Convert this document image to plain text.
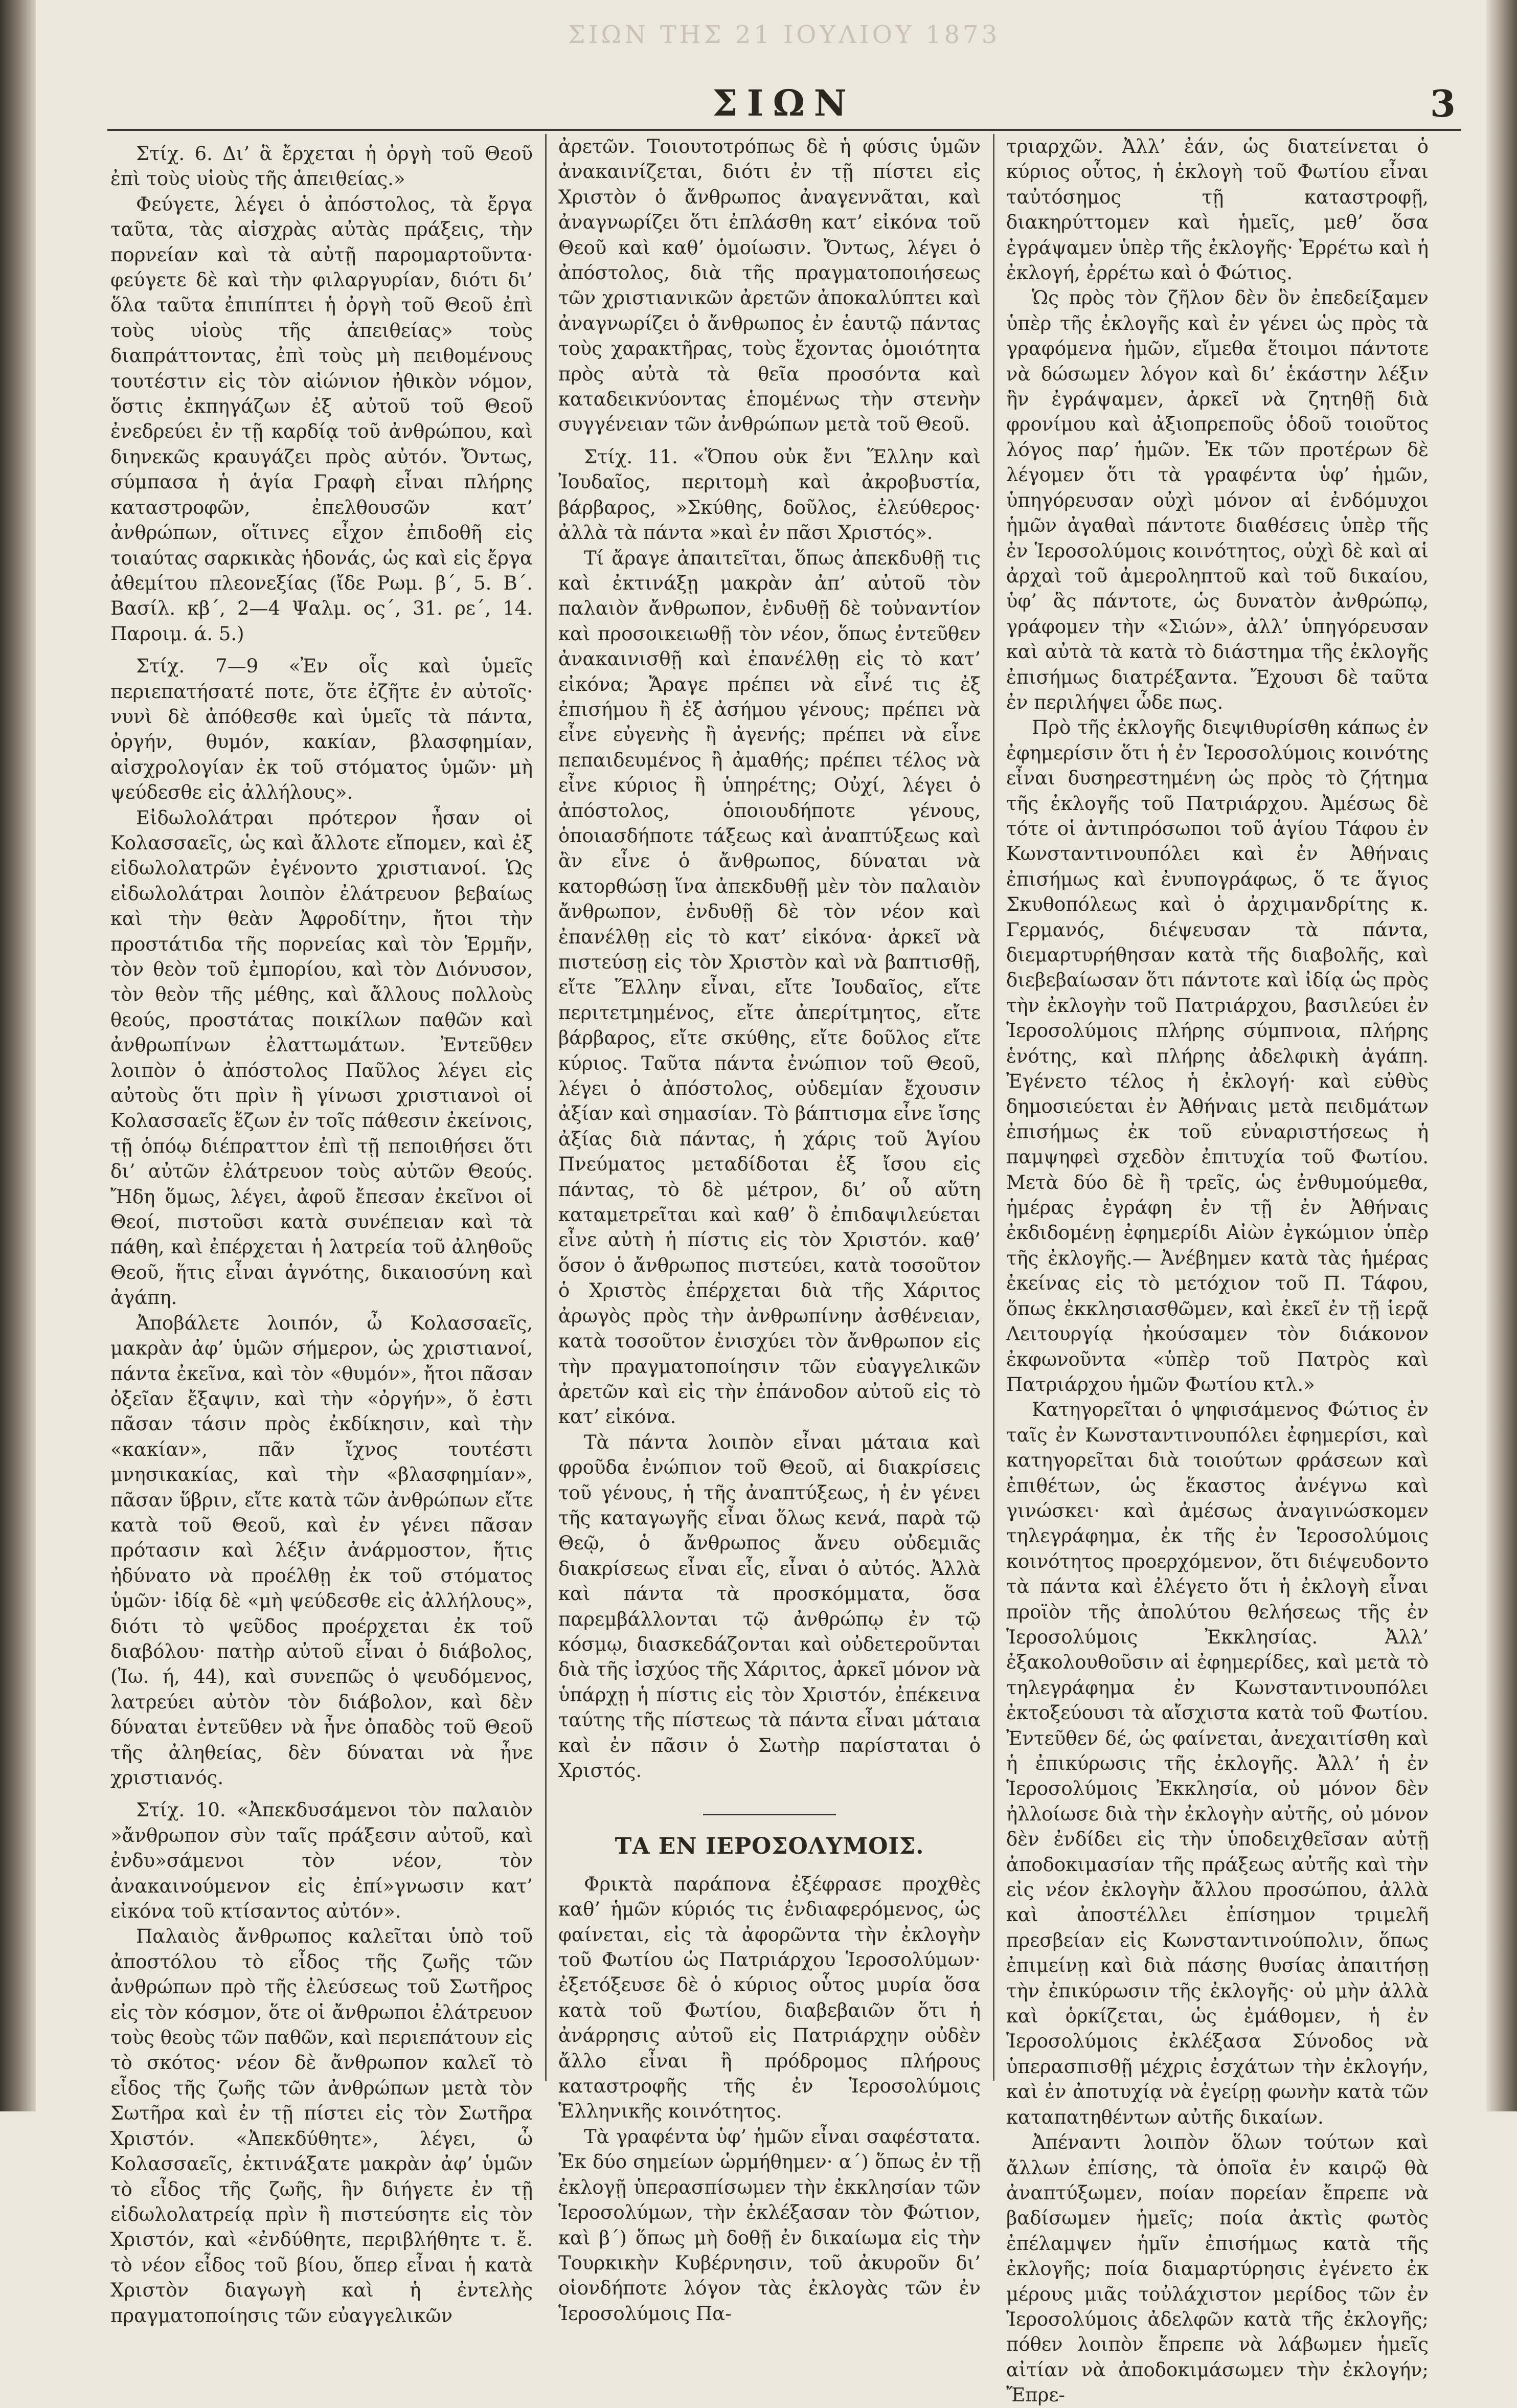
ΣΙΩΝ ΤΗΣ 21 ΙΟΥΛΙΟΥ 1873
ΣΙΩΝ	3

Στίχ. 6. Δι’ ἃ ἔρχεται ἡ ὀργὴ τοῦ Θεοῦ ἐπὶ τοὺς υἱοὺς τῆς ἀπειθείας.»

Φεύγετε, λέγει ὁ ἀπόστολος, τὰ ἔργα ταῦτα, τὰς αἰσχρὰς αὐτὰς πράξεις, τὴν πορνείαν καὶ τὰ αὐτῇ παρομαρτοῦντα· φεύγετε δὲ καὶ τὴν φιλαργυρίαν, διότι δι’ ὅλα ταῦτα ἐπιπίπτει ἡ ὀργὴ τοῦ Θεοῦ ἐπὶ τοὺς υἱοὺς τῆς ἀπειθείας» τοὺς διαπράττοντας, ἐπὶ τοὺς μὴ πειθομένους τουτέστιν εἰς τὸν αἰώνιον ἠθικὸν νόμον, ὅστις ἐκπηγάζων ἐξ αὐτοῦ τοῦ Θεοῦ ἐνεδρεύει ἐν τῇ καρδίᾳ τοῦ ἀνθρώπου, καὶ διηνεκῶς κραυγάζει πρὸς αὐτόν. Ὄντως, σύμπασα ἡ ἁγία Γραφὴ εἶναι πλήρης καταστροφῶν, ἐπελθουσῶν κατ’ ἀνθρώπων, οἵτινες εἶχον ἐπιδοθῆ εἰς τοιαύτας σαρκικὰς ἡδονάς, ὡς καὶ εἰς ἔργα ἀθεμίτου πλεονεξίας (ἴδε Ρωμ. β΄, 5. Β΄. Βασίλ. κβ΄, 2—4 Ψαλμ. ος΄, 31. ρε΄, 14. Παροιμ. ά. 5.)

Στίχ. 7—9 «Ἐν οἷς καὶ ὑμεῖς περιεπατήσατέ ποτε, ὅτε ἐζῆτε ἐν αὐτοῖς· νυνὶ δὲ ἀπόθεσθε καὶ ὑμεῖς τὰ πάντα, ὀργήν, θυμόν, κακίαν, βλασφημίαν, αἰσχρολογίαν ἐκ τοῦ στόματος ὑμῶν· μὴ ψεύδεσθε εἰς ἀλλήλους».

Εἰδωλολάτραι πρότερον ἦσαν οἱ Κολασσαεῖς, ὡς καὶ ἄλλοτε εἴπομεν, καὶ ἐξ εἰδωλολατρῶν ἐγένοντο χριστιανοί. Ὡς εἰδωλολάτραι λοιπὸν ἐλάτρευον βεβαίως καὶ τὴν θεὰν Ἀφροδίτην, ἤτοι τὴν προστάτιδα τῆς πορνείας καὶ τὸν Ἑρμῆν, τὸν θεὸν τοῦ ἐμπορίου, καὶ τὸν Διόνυσον, τὸν θεὸν τῆς μέθης, καὶ ἄλλους πολλοὺς θεούς, προστάτας ποικίλων παθῶν καὶ ἀνθρωπίνων ἐλαττωμάτων. Ἐντεῦθεν λοιπὸν ὁ ἀπόστολος Παῦλος λέγει εἰς αὐτοὺς ὅτι πρὶν ἢ γίνωσι χριστιανοὶ οἱ Κολασσαεῖς ἔζων ἐν τοῖς πάθεσιν ἐκείνοις, τῇ ὁπόῳ διέπραττον ἐπὶ τῇ πεποιθήσει ὅτι δι’ αὐτῶν ἐλάτρευον τοὺς αὐτῶν Θεούς. Ἤδη ὅμως, λέγει, ἀφοῦ ἔπεσαν ἐκεῖνοι οἱ Θεοί, πιστοῦσι κατὰ συνέπειαν καὶ τὰ πάθη, καὶ ἐπέρχεται ἡ λατρεία τοῦ ἀληθοῦς Θεοῦ, ἥτις εἶναι ἁγνότης, δικαιοσύνη καὶ ἀγάπη.

Ἀποβάλετε λοιπόν, ὦ Κολασσαεῖς, μακρὰν ἀφ’ ὑμῶν σήμερον, ὡς χριστιανοί, πάντα ἐκεῖνα, καὶ τὸν «θυμόν», ἤτοι πᾶσαν ὀξεῖαν ἔξαψιν, καὶ τὴν «ὀργήν», ὅ ἐστι πᾶσαν τάσιν πρὸς ἐκδίκησιν, καὶ τὴν «κακίαν», πᾶν ἴχνος τουτέστι μνησικακίας, καὶ τὴν «βλασφημίαν», πᾶσαν ὕβριν, εἴτε κατὰ τῶν ἀνθρώπων εἴτε κατὰ τοῦ Θεοῦ, καὶ ἐν γένει πᾶσαν πρότασιν καὶ λέξιν ἀνάρμοστον, ἥτις ἠδύνατο νὰ προέλθῃ ἐκ τοῦ στόματος ὑμῶν· ἰδίᾳ δὲ «μὴ ψεύδεσθε εἰς ἀλλήλους», διότι τὸ ψεῦδος προέρχεται ἐκ τοῦ διαβόλου· πατὴρ αὐτοῦ εἶναι ὁ διάβολος, (Ἰω. ή, 44), καὶ συνεπῶς ὁ ψευδόμενος, λατρεύει αὐτὸν τὸν διάβολον, καὶ δὲν δύναται ἐντεῦθεν νὰ ἦνε ὀπαδὸς τοῦ Θεοῦ τῆς ἀληθείας, δὲν δύναται νὰ ἦνε χριστιανός.

Στίχ. 10. «Ἀπεκδυσάμενοι τὸν παλαιὸν »ἄνθρωπον σὺν ταῖς πράξεσιν αὐτοῦ, καὶ ἐνδυ»σάμενοι τὸν νέον, τὸν ἀνακαινούμενον εἰς ἐπί»γνωσιν κατ’ εἰκόνα τοῦ κτίσαντος αὐτόν».

Παλαιὸς ἄνθρωπος καλεῖται ὑπὸ τοῦ ἀποστόλου τὸ εἶδος τῆς ζωῆς τῶν ἀνθρώπων πρὸ τῆς ἐλεύσεως τοῦ Σωτῆρος εἰς τὸν κόσμον, ὅτε οἱ ἄνθρωποι ἐλάτρευον τοὺς θεοὺς τῶν παθῶν, καὶ περιεπάτουν εἰς τὸ σκότος· νέον δὲ ἄνθρωπον καλεῖ τὸ εἶδος τῆς ζωῆς τῶν ἀνθρώπων μετὰ τὸν Σωτῆρα καὶ ἐν τῇ πίστει εἰς τὸν Σωτῆρα Χριστόν. «Ἀπεκδύθητε», λέγει, ὦ Κολασσαεῖς, ἐκτινάξατε μακρὰν ἀφ’ ὑμῶν τὸ εἶδος τῆς ζωῆς, ἣν διήγετε ἐν τῇ εἰδωλολατρείᾳ πρὶν ἢ πιστεύσητε εἰς τὸν Χριστόν, καὶ «ἐνδύθητε, περιβλήθητε τ. ἔ. τὸ νέον εἶδος τοῦ βίου, ὅπερ εἶναι ἡ κατὰ Χριστὸν διαγωγὴ καὶ ἡ ἐντελὴς πραγματοποίησις τῶν εὐαγγελικῶν

ἀρετῶν. Τοιουτοτρόπως δὲ ἡ φύσις ὑμῶν ἀνακαινίζεται, διότι ἐν τῇ πίστει εἰς Χριστὸν ὁ ἄνθρωπος ἀναγεννᾶται, καὶ ἀναγνωρίζει ὅτι ἐπλάσθη κατ’ εἰκόνα τοῦ Θεοῦ καὶ καθ’ ὁμοίωσιν. Ὄντως, λέγει ὁ ἀπόστολος, διὰ τῆς πραγματοποιήσεως τῶν χριστιανικῶν ἀρετῶν ἀποκαλύπτει καὶ ἀναγνωρίζει ὁ ἄνθρωπος ἐν ἑαυτῷ πάντας τοὺς χαρακτῆρας, τοὺς ἔχοντας ὁμοιότητα πρὸς αὐτὰ τὰ θεῖα προσόντα καὶ καταδεικνύοντας ἑπομένως τὴν στενὴν συγγένειαν τῶν ἀνθρώπων μετὰ τοῦ Θεοῦ.

Στίχ. 11. «Ὅπου οὐκ ἔνι Ἕλλην καὶ Ἰουδαῖος, περιτομὴ καὶ ἀκροβυστία, βάρβαρος, »Σκύθης, δοῦλος, ἐλεύθερος· ἀλλὰ τὰ πάντα »καὶ ἐν πᾶσι Χριστός».

Τί ἄραγε ἀπαιτεῖται, ὅπως ἀπεκδυθῇ τις καὶ ἐκτινάξῃ μακρὰν ἀπ’ αὐτοῦ τὸν παλαιὸν ἄνθρωπον, ἐνδυθῇ δὲ τοὐναντίον καὶ προσοικειωθῇ τὸν νέον, ὅπως ἐντεῦθεν ἀνακαινισθῇ καὶ ἐπανέλθῃ εἰς τὸ κατ’ εἰκόνα; Ἄραγε πρέπει νὰ εἶνέ τις ἐξ ἐπισήμου ἢ ἐξ ἀσήμου γένους; πρέπει νὰ εἶνε εὐγενὴς ἢ ἀγενής; πρέπει νὰ εἶνε πεπαιδευμένος ἢ ἀμαθής; πρέπει τέλος νὰ εἶνε κύριος ἢ ὑπηρέτης; Οὐχί, λέγει ὁ ἀπόστολος, ὁποιουδήποτε γένους, ὁποιασδήποτε τάξεως καὶ ἀναπτύξεως καὶ ἂν εἶνε ὁ ἄνθρωπος, δύναται νὰ κατορθώσῃ ἵνα ἀπεκδυθῇ μὲν τὸν παλαιὸν ἄνθρωπον, ἐνδυθῇ δὲ τὸν νέον καὶ ἐπανέλθῃ εἰς τὸ κατ’ εἰκόνα· ἀρκεῖ νὰ πιστεύσῃ εἰς τὸν Χριστὸν καὶ νὰ βαπτισθῇ, εἴτε Ἕλλην εἶναι, εἴτε Ἰουδαῖος, εἴτε περιτετμημένος, εἴτε ἀπερίτμητος, εἴτε βάρβαρος, εἴτε σκύθης, εἴτε δοῦλος εἴτε κύριος. Ταῦτα πάντα ἐνώπιον τοῦ Θεοῦ, λέγει ὁ ἀπόστολος, οὐδεμίαν ἔχουσιν ἀξίαν καὶ σημασίαν. Τὸ βάπτισμα εἶνε ἴσης ἀξίας διὰ πάντας, ἡ χάρις τοῦ Ἁγίου Πνεύματος μεταδίδοται ἐξ ἴσου εἰς πάντας, τὸ δὲ μέτρον, δι’ οὗ αὕτη καταμετρεῖται καὶ καθ’ ὃ ἐπιδαψιλεύεται εἶνε αὐτὴ ἡ πίστις εἰς τὸν Χριστόν. καθ’ ὅσον ὁ ἄνθρωπος πιστεύει, κατὰ τοσοῦτον ὁ Χριστὸς ἐπέρχεται διὰ τῆς Χάριτος ἀρωγὸς πρὸς τὴν ἀνθρωπίνην ἀσθένειαν, κατὰ τοσοῦτον ἐνισχύει τὸν ἄνθρωπον εἰς τὴν πραγματοποίησιν τῶν εὐαγγελικῶν ἀρετῶν καὶ εἰς τὴν ἐπάνοδον αὐτοῦ εἰς τὸ κατ’ εἰκόνα.

Τὰ πάντα λοιπὸν εἶναι μάταια καὶ φροῦδα ἐνώπιον τοῦ Θεοῦ, αἱ διακρίσεις τοῦ γένους, ἡ τῆς ἀναπτύξεως, ἡ ἐν γένει τῆς καταγωγῆς εἶναι ὅλως κενά, παρὰ τῷ Θεῷ, ὁ ἄνθρωπος ἄνευ οὐδεμιᾶς διακρίσεως εἶναι εἷς, εἶναι ὁ αὐτός. Ἀλλὰ καὶ πάντα τὰ προσκόμματα, ὅσα παρεμβάλλονται τῷ ἀνθρώπῳ ἐν τῷ κόσμῳ, διασκεδάζονται καὶ οὐδετεροῦνται διὰ τῆς ἰσχύος τῆς Χάριτος, ἀρκεῖ μόνον νὰ ὑπάρχῃ ἡ πίστις εἰς τὸν Χριστόν, ἐπέκεινα ταύτης τῆς πίστεως τὰ πάντα εἶναι μάταια καὶ ἐν πᾶσιν ὁ Σωτὴρ παρίσταται ὁ Χριστός.

ΤΑ ΕΝ ΙΕΡΟΣΟΛΥΜΟΙΣ.

Φρικτὰ παράπονα ἐξέφρασε προχθὲς καθ’ ἡμῶν κύριός τις ἐνδιαφερόμενος, ὡς φαίνεται, εἰς τὰ ἀφορῶντα τὴν ἐκλογὴν τοῦ Φωτίου ὡς Πατριάρχου Ἱεροσολύμων· ἐξετόξευσε δὲ ὁ κύριος οὗτος μυρία ὅσα κατὰ τοῦ Φωτίου, διαβεβαιῶν ὅτι ἡ ἀνάρρησις αὐτοῦ εἰς Πατριάρχην οὐδὲν ἄλλο εἶναι ἢ πρόδρομος πλήρους καταστροφῆς τῆς ἐν Ἱεροσολύμοις Ἑλληνικῆς κοινότητος.

Τὰ γραφέντα ὑφ’ ἡμῶν εἶναι σαφέστατα. Ἐκ δύο σημείων ὡρμήθημεν· α΄) ὅπως ἐν τῇ ἐκλογῇ ὑπερασπίσωμεν τὴν ἐκκλησίαν τῶν Ἱεροσολύμων, τὴν ἐκλέξασαν τὸν Φώτιον, καὶ β΄) ὅπως μὴ δοθῇ ἐν δικαίωμα εἰς τὴν Τουρκικὴν Κυβέρνησιν, τοῦ ἀκυροῦν δι’ οἱονδήποτε λόγον τὰς ἐκλογὰς τῶν ἐν Ἱεροσολύμοις Πα-

τριαρχῶν. Ἀλλ’ ἐάν, ὡς διατείνεται ὁ κύριος οὗτος, ἡ ἐκλογὴ τοῦ Φωτίου εἶναι ταὐτόσημος τῇ καταστροφῇ, διακηρύττομεν καὶ ἡμεῖς, μεθ’ ὅσα ἐγράψαμεν ὑπὲρ τῆς ἐκλογῆς· Ἐρρέτω καὶ ἡ ἐκλογή, ἐρρέτω καὶ ὁ Φώτιος.

Ὡς πρὸς τὸν ζῆλον δὲν ὃν ἐπεδείξαμεν ὑπὲρ τῆς ἐκλογῆς καὶ ἐν γένει ὡς πρὸς τὰ γραφόμενα ἡμῶν, εἴμεθα ἕτοιμοι πάντοτε νὰ δώσωμεν λόγον καὶ δι’ ἑκάστην λέξιν ἣν ἐγράψαμεν, ἀρκεῖ νὰ ζητηθῇ διὰ φρονίμου καὶ ἀξιοπρεποῦς ὁδοῦ τοιοῦτος λόγος παρ’ ἡμῶν. Ἐκ τῶν προτέρων δὲ λέγομεν ὅτι τὰ γραφέντα ὑφ’ ἡμῶν, ὑπηγόρευσαν οὐχὶ μόνον αἱ ἐνδόμυχοι ἡμῶν ἀγαθαὶ πάντοτε διαθέσεις ὑπὲρ τῆς ἐν Ἱεροσολύμοις κοινότητος, οὐχὶ δὲ καὶ αἱ ἀρχαὶ τοῦ ἀμεροληπτοῦ καὶ τοῦ δικαίου, ὑφ’ ἃς πάντοτε, ὡς δυνατὸν ἀνθρώπῳ, γράφομεν τὴν «Σιών», ἀλλ’ ὑπηγόρευσαν καὶ αὐτὰ τὰ κατὰ τὸ διάστημα τῆς ἐκλογῆς ἐπισήμως διατρέξαντα. Ἔχουσι δὲ ταῦτα ἐν περιλήψει ὧδε πως.

Πρὸ τῆς ἐκλογῆς διεψιθυρίσθη κάπως ἐν ἐφημερίσιν ὅτι ἡ ἐν Ἱεροσολύμοις κοινότης εἶναι δυσηρεστημένη ὡς πρὸς τὸ ζήτημα τῆς ἐκλογῆς τοῦ Πατριάρχου. Ἀμέσως δὲ τότε οἱ ἀντιπρόσωποι τοῦ ἁγίου Τάφου ἐν Κωνσταντινουπόλει καὶ ἐν Ἀθήναις ἐπισήμως καὶ ἐνυπογράφως, ὅ τε ἅγιος Σκυθοπόλεως καὶ ὁ ἀρχιμανδρίτης κ. Γερμανός, διέψευσαν τὰ πάντα, διεμαρτυρήθησαν κατὰ τῆς διαβολῆς, καὶ διεβεβαίωσαν ὅτι πάντοτε καὶ ἰδίᾳ ὡς πρὸς τὴν ἐκλογὴν τοῦ Πατριάρχου, βασιλεύει ἐν Ἱεροσολύμοις πλήρης σύμπνοια, πλήρης ἑνότης, καὶ πλήρης ἀδελφικὴ ἀγάπη. Ἐγένετο τέλος ἡ ἐκλογή· καὶ εὐθὺς δημοσιεύεται ἐν Ἀθήναις μετὰ πειδμάτων ἐπισήμως ἐκ τοῦ εὐναριστήσεως ἡ παμψηφεὶ σχεδὸν ἐπιτυχία τοῦ Φωτίου. Μετὰ δύο δὲ ἢ τρεῖς, ὡς ἐνθυμούμεθα, ἡμέρας ἐγράφη ἐν τῇ ἐν Ἀθήναις ἐκδιδομένῃ ἐφημερίδι Αἰὼν ἐγκώμιον ὑπὲρ τῆς ἐκλογῆς.— Ἀνέβημεν κατὰ τὰς ἡμέρας ἐκείνας εἰς τὸ μετόχιον τοῦ Π. Τάφου, ὅπως ἐκκλησιασθῶμεν, καὶ ἐκεῖ ἐν τῇ ἱερᾷ Λειτουργίᾳ ἠκούσαμεν τὸν διάκονον ἐκφωνοῦντα «ὑπὲρ τοῦ Πατρὸς καὶ Πατριάρχου ἡμῶν Φωτίου κτλ.»

Κατηγορεῖται ὁ ψηφισάμενος Φώτιος ἐν ταῖς ἐν Κωνσταντινουπόλει ἐφημερίσι, καὶ κατηγορεῖται διὰ τοιούτων φράσεων καὶ ἐπιθέτων, ὡς ἕκαστος ἀνέγνω καὶ γινώσκει· καὶ ἀμέσως ἀναγινώσκομεν τηλεγράφημα, ἐκ τῆς ἐν Ἱεροσολύμοις κοινότητος προερχόμενον, ὅτι διέψευδοντο τὰ πάντα καὶ ἐλέγετο ὅτι ἡ ἐκλογὴ εἶναι προϊὸν τῆς ἀπολύτου θελήσεως τῆς ἐν Ἱεροσολύμοις Ἐκκλησίας. Ἀλλ’ ἐξακολουθοῦσιν αἱ ἐφημερίδες, καὶ μετὰ τὸ τηλεγράφημα ἐν Κωνσταντινουπόλει ἐκτοξεύουσι τὰ αἴσχιστα κατὰ τοῦ Φωτίου. Ἐντεῦθεν δέ, ὡς φαίνεται, ἀνεχαιτίσθη καὶ ἡ ἐπικύρωσις τῆς ἐκλογῆς. Ἀλλ’ ἡ ἐν Ἱεροσολύμοις Ἐκκλησία, οὐ μόνον δὲν ἠλλοίωσε διὰ τὴν ἐκλογὴν αὐτῆς, οὐ μόνον δὲν ἐνδίδει εἰς τὴν ὑποδειχθεῖσαν αὐτῇ ἀποδοκιμασίαν τῆς πράξεως αὐτῆς καὶ τὴν εἰς νέον ἐκλογὴν ἄλλου προσώπου, ἀλλὰ καὶ ἀποστέλλει ἐπίσημον τριμελῆ πρεσβείαν εἰς Κωνσταντινούπολιν, ὅπως ἐπιμείνῃ καὶ διὰ πάσης θυσίας ἀπαιτήσῃ τὴν ἐπικύρωσιν τῆς ἐκλογῆς· οὐ μὴν ἀλλὰ καὶ ὁρκίζεται, ὡς ἐμάθομεν, ἡ ἐν Ἱεροσολύμοις ἐκλέξασα Σύνοδος νὰ ὑπερασπισθῇ μέχρις ἐσχάτων τὴν ἐκλογήν, καὶ ἐν ἀποτυχίᾳ νὰ ἐγείρῃ φωνὴν κατὰ τῶν καταπατηθέντων αὐτῆς δικαίων.

Ἀπέναντι λοιπὸν ὅλων τούτων καὶ ἄλλων ἐπίσης, τὰ ὁποῖα ἐν καιρῷ θὰ ἀναπτύξωμεν, ποίαν πορείαν ἔπρεπε νὰ βαδίσωμεν ἡμεῖς; ποία ἀκτὶς φωτὸς ἐπέλαμψεν ἡμῖν ἐπισήμως κατὰ τῆς ἐκλογῆς; ποία διαμαρτύρησις ἐγένετο ἐκ μέρους μιᾶς τοὐλάχιστον μερίδος τῶν ἐν Ἱεροσολύμοις ἀδελφῶν κατὰ τῆς ἐκλογῆς; πόθεν λοιπὸν ἔπρεπε νὰ λάβωμεν ἡμεῖς αἰτίαν νὰ ἀποδοκιμάσωμεν τὴν ἐκλογήν; Ἔπρε-
